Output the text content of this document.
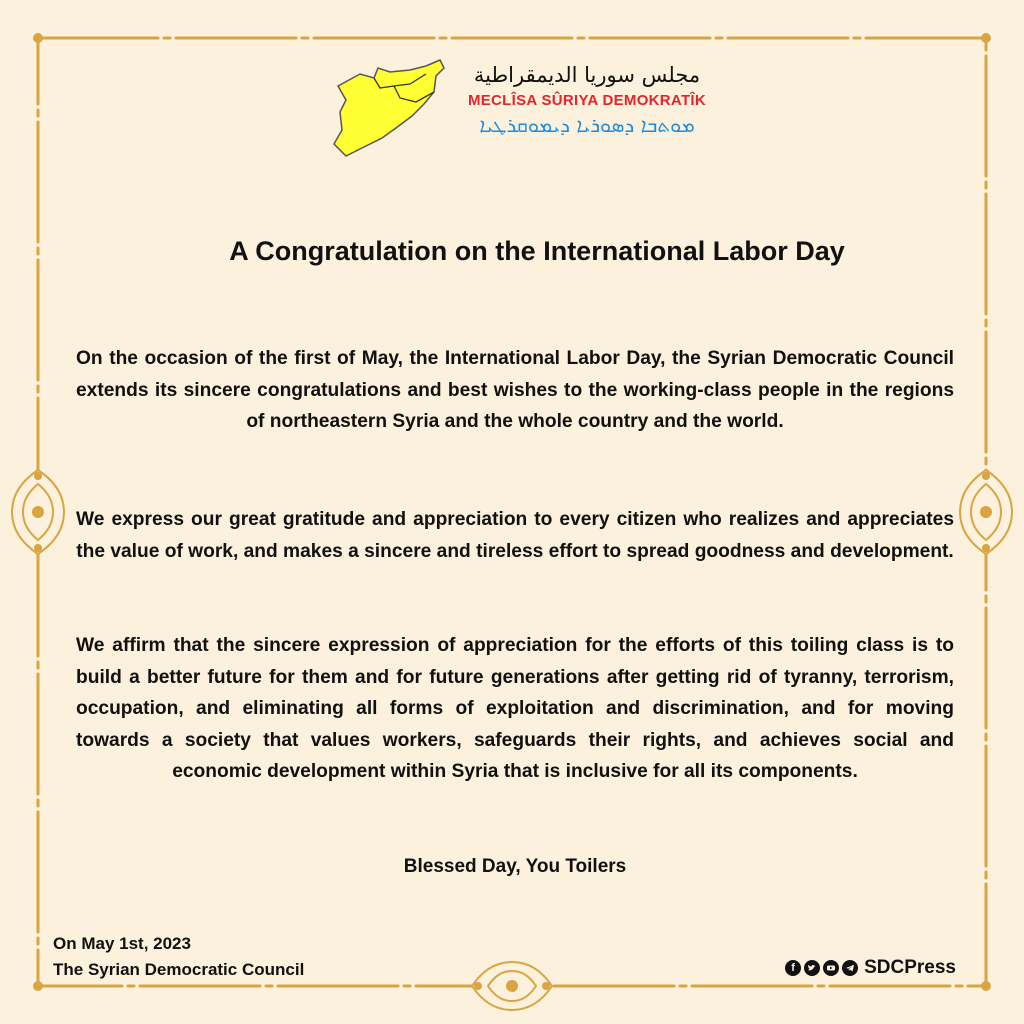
مجلس سوريا الديمقراطية
MECLÎSA SÛRIYA DEMOKRATÎK
ܡܘܬܒܐ ܕܣܘܪܝܐ ܕܝܡܘܩܪܛܝܐ
A Congratulation on the International Labor Day

On the occasion of the first of May, the International Labor Day, the Syrian Democratic Council extends its sincere congratulations and best wishes to the working-class people in the regions of northeastern Syria and the whole country and the world.

We express our great gratitude and appreciation to every citizen who realizes and appreciates the value of work, and makes a sincere and tireless effort to spread goodness and development.

We affirm that the sincere expression of appreciation for the efforts of this toiling class is to build a better future for them and for future generations after getting rid of tyranny, terrorism, occupation, and eliminating all forms of exploitation and discrimination, and for moving towards a society that values workers, safeguards their rights, and achieves social and economic development within Syria that is inclusive for all its components.

Blessed Day, You Toilers
On May 1st, 2023
The Syrian Democratic Council	f	SDCPress
